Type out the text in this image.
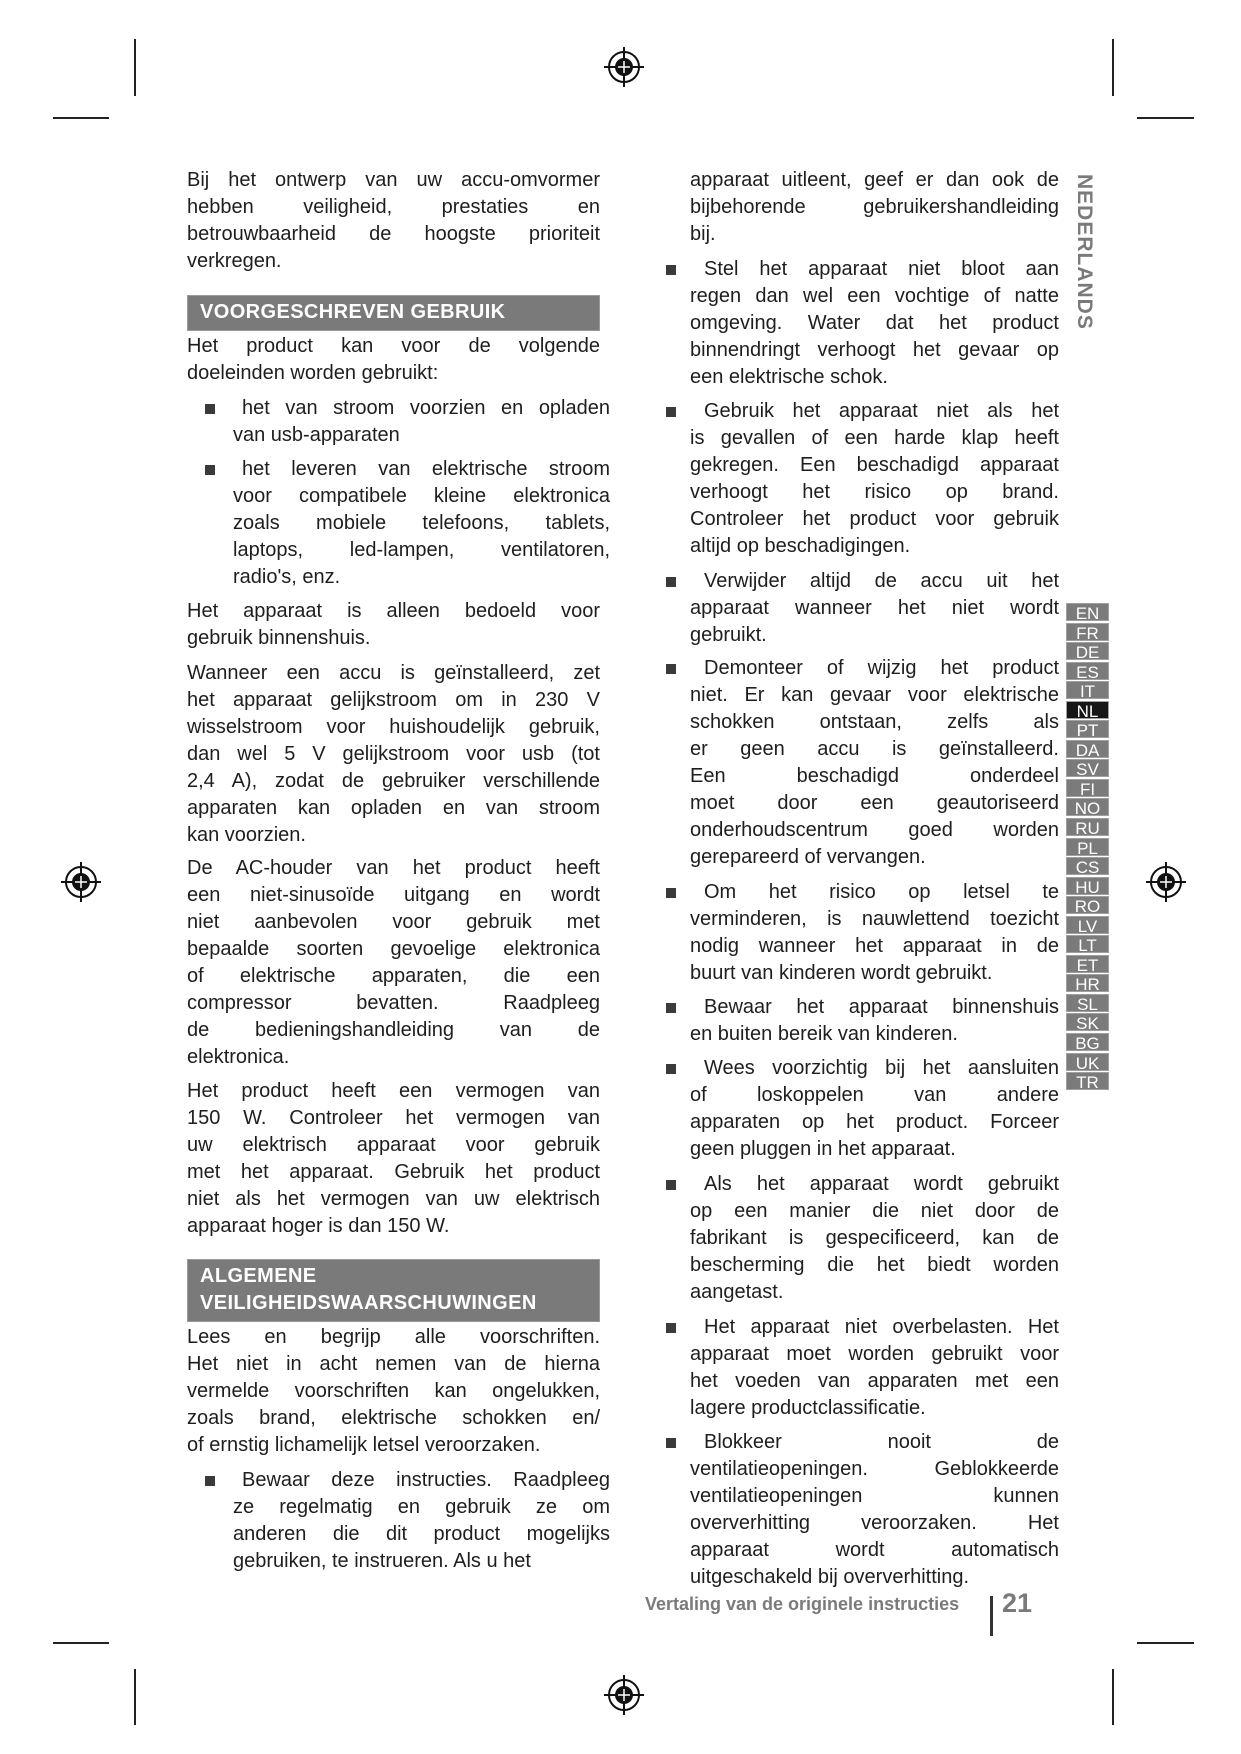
NEDERLANDS
Bij het ontwerp van uw accu-omvormer
hebben veiligheid, prestaties en
betrouwbaarheid de hoogste prioriteit
verkregen.
VOORGESCHREVEN GEBRUIK
Het product kan voor de volgende
doeleinden worden gebruikt:
het van stroom voorzien en opladen
van usb-apparaten
het leveren van elektrische stroom
voor compatibele kleine elektronica
zoals mobiele telefoons, tablets,
laptops, led-lampen, ventilatoren,
radio's, enz.
Het apparaat is alleen bedoeld voor
gebruik binnenshuis.
Wanneer een accu is geïnstalleerd, zet
het apparaat gelijkstroom om in 230 V
wisselstroom voor huishoudelijk gebruik,
dan wel 5 V gelijkstroom voor usb (tot
2,4 A), zodat de gebruiker verschillende
apparaten kan opladen en van stroom
kan voorzien.
De AC-houder van het product heeft
een niet-sinusoïde uitgang en wordt
niet aanbevolen voor gebruik met
bepaalde soorten gevoelige elektronica
of elektrische apparaten, die een
compressor bevatten. Raadpleeg
de bedieningshandleiding van de
elektronica.
Het product heeft een vermogen van
150 W. Controleer het vermogen van
uw elektrisch apparaat voor gebruik
met het apparaat. Gebruik het product
niet als het vermogen van uw elektrisch
apparaat hoger is dan 150 W.
ALGEMENE
VEILIGHEIDSWAARSCHUWINGEN
Lees en begrijp alle voorschriften.
Het niet in acht nemen van de hierna
vermelde voorschriften kan ongelukken,
zoals brand, elektrische schokken en/
of ernstig lichamelijk letsel veroorzaken.
Bewaar deze instructies. Raadpleeg
ze regelmatig en gebruik ze om
anderen die dit product mogelijks
gebruiken, te instrueren. Als u het
apparaat uitleent, geef er dan ook de
bijbehorende gebruikershandleiding
bij.
Stel het apparaat niet bloot aan
regen dan wel een vochtige of natte
omgeving. Water dat het product
binnendringt verhoogt het gevaar op
een elektrische schok.
Gebruik het apparaat niet als het
is gevallen of een harde klap heeft
gekregen. Een beschadigd apparaat
verhoogt het risico op brand.
Controleer het product voor gebruik
altijd op beschadigingen.
Verwijder altijd de accu uit het
apparaat wanneer het niet wordt
gebruikt.
Demonteer of wijzig het product
niet. Er kan gevaar voor elektrische
schokken ontstaan, zelfs als
er geen accu is geïnstalleerd.
Een beschadigd onderdeel
moet door een geautoriseerd
onderhoudscentrum goed worden
gerepareerd of vervangen.
Om het risico op letsel te
verminderen, is nauwlettend toezicht
nodig wanneer het apparaat in de
buurt van kinderen wordt gebruikt.
Bewaar het apparaat binnenshuis
en buiten bereik van kinderen.
Wees voorzichtig bij het aansluiten
of loskoppelen van andere
apparaten op het product. Forceer
geen pluggen in het apparaat.
Als het apparaat wordt gebruikt
op een manier die niet door de
fabrikant is gespecificeerd, kan de
bescherming die het biedt worden
aangetast.
Het apparaat niet overbelasten. Het
apparaat moet worden gebruikt voor
het voeden van apparaten met een
lagere productclassificatie.
Blokkeer nooit de
ventilatieopeningen. Geblokkeerde
ventilatieopeningen kunnen
oververhitting veroorzaken. Het
apparaat wordt automatisch
uitgeschakeld bij oververhitting.
EN
FR
DE
ES
IT
NL
PT
DA
SV
FI
NO
RU
PL
CS
HU
RO
LV
LT
ET
HR
SL
SK
BG
UK
TR
Vertaling van de originele instructies 21
